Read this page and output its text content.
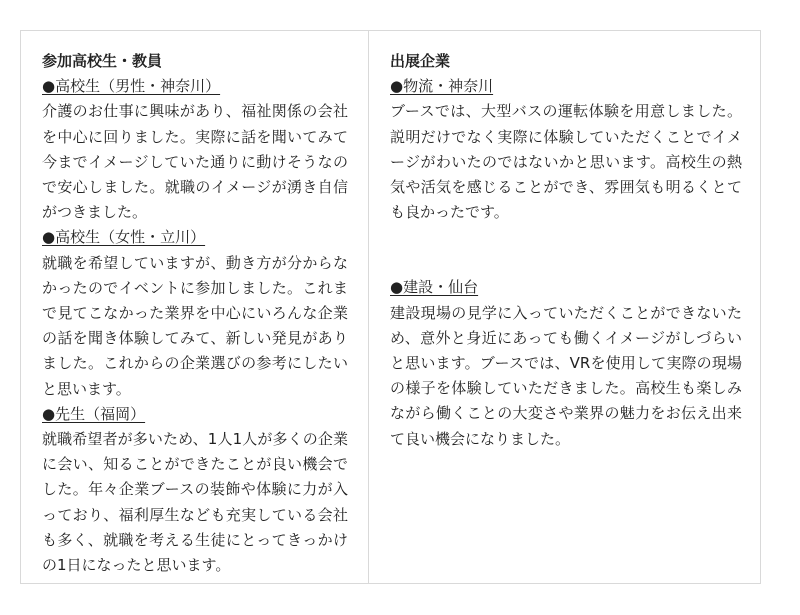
参加高校生・教員

●高校生（男性・神奈川）

介護のお仕事に興味があり、福祉関係の会社を中心に回りました。実際に話を聞いてみて今までイメージしていた通りに動けそうなので安心しました。就職のイメージが湧き自信がつきました。

●高校生（女性・立川）

就職を希望していますが、動き方が分からなかったのでイベントに参加しました。これまで見てこなかった業界を中心にいろんな企業の話を聞き体験してみて、新しい発見がありました。これからの企業選びの参考にしたいと思います。

●先生（福岡）

就職希望者が多いため、1人1人が多くの企業に会い、知ることができたことが良い機会でした。年々企業ブースの装飾や体験に力が入っており、福利厚生なども充実している会社も多く、就職を考える生徒にとってきっかけの1日になったと思います。

出展企業

●物流・神奈川

ブースでは、大型バスの運転体験を用意しました。説明だけでなく実際に体験していただくことでイメージがわいたのではないかと思います。高校生の熱気や活気を感じることができ、雰囲気も明るくとても良かったです。

●建設・仙台

建設現場の見学に入っていただくことができないため、意外と身近にあっても働くイメージがしづらいと思います。ブースでは、VRを使用して実際の現場の様子を体験していただきました。高校生も楽しみながら働くことの大変さや業界の魅力をお伝え出来て良い機会になりました。
